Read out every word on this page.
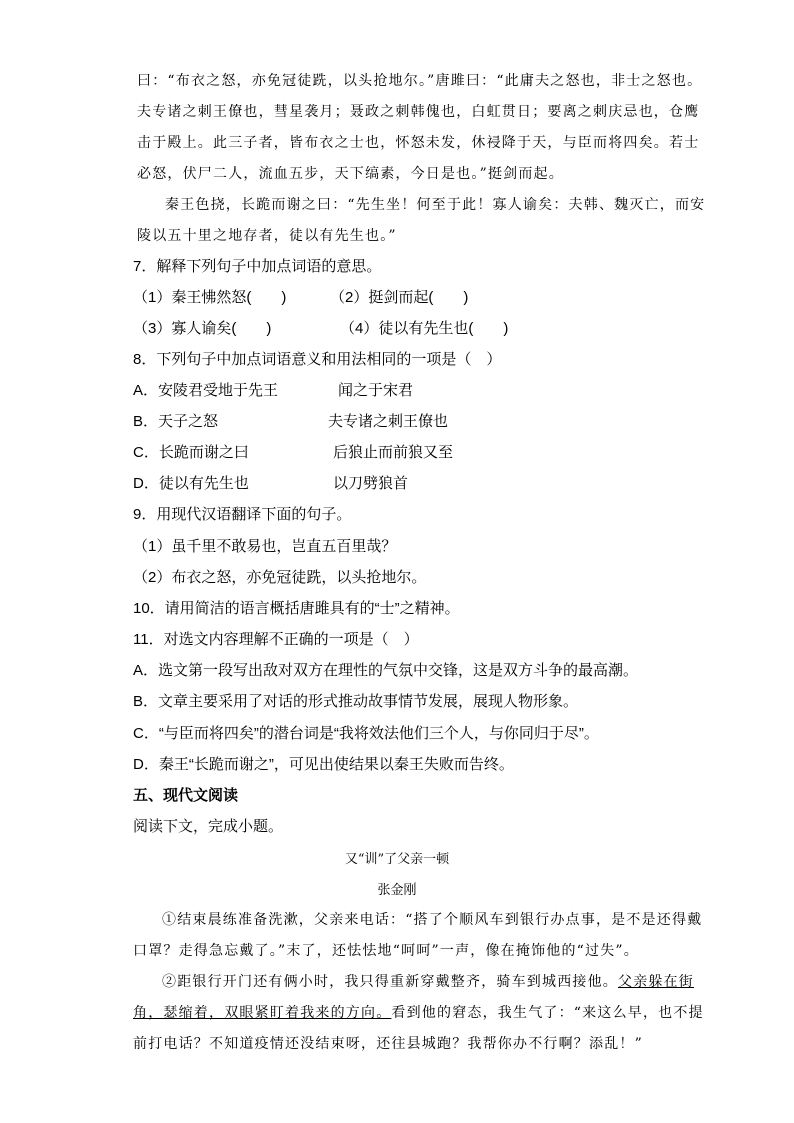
曰：“布衣之怒，亦免冠徒跣，以头抢地尔。”唐雎曰：“此庸夫之怒也，非士之怒也。
夫专诸之刺王僚也，彗星袭月；聂政之刺韩傀也，白虹贯日；要离之刺庆忌也，仓鹰
击于殿上。此三子者，皆布衣之士也，怀怒未发，休祲降于天，与臣而将四矣。若士
必怒，伏尸二人，流血五步，天下缟素，今日是也。”挺剑而起。
秦王色挠，长跪而谢之曰：“先生坐！何至于此！寡人谕矣：夫韩、魏灭亡，而安
陵以五十里之地存者，徒以有先生也。”
7．解释下列句子中加点词语的意思。
（1）秦王怫然怒(　　)	（2）挺剑而起(　　)
（3）寡人谕矣(　　)	（4）徒以有先生也(　　)
8．下列句子中加点词语意义和用法相同的一项是（　）
A．安陵君受地于先王	闻之于宋君
B．天子之怒	夫专诸之刺王僚也
C．长跪而谢之曰	后狼止而前狼又至
D．徒以有先生也	以刀劈狼首
9．用现代汉语翻译下面的句子。
（1）虽千里不敢易也，岂直五百里哉？
（2）布衣之怒，亦免冠徒跣，以头抢地尔。
10．请用简洁的语言概括唐雎具有的“士”之精神。
11．对选文内容理解不正确的一项是（　）
A．选文第一段写出敌对双方在理性的气氛中交锋，这是双方斗争的最高潮。
B．文章主要采用了对话的形式推动故事情节发展，展现人物形象。
C．“与臣而将四矣”的潜台词是“我将效法他们三个人，与你同归于尽”。
D．秦王“长跪而谢之”，可见出使结果以秦王失败而告终。
五、现代文阅读
阅读下文，完成小题。
又“训”了父亲一顿
张金刚
①结束晨练准备洗漱，父亲来电话：“搭了个顺风车到银行办点事，是不是还得戴
口罩？走得急忘戴了。”末了，还怯怯地“呵呵”一声，像在掩饰他的“过失”。
②距银行开门还有俩小时，我只得重新穿戴整齐，骑车到城西接他。父亲躲在街
角，瑟缩着，双眼紧盯着我来的方向。看到他的窘态，我生气了：“来这么早，也不提
前打电话？不知道疫情还没结束呀，还往县城跑？我帮你办不行啊？添乱！”
